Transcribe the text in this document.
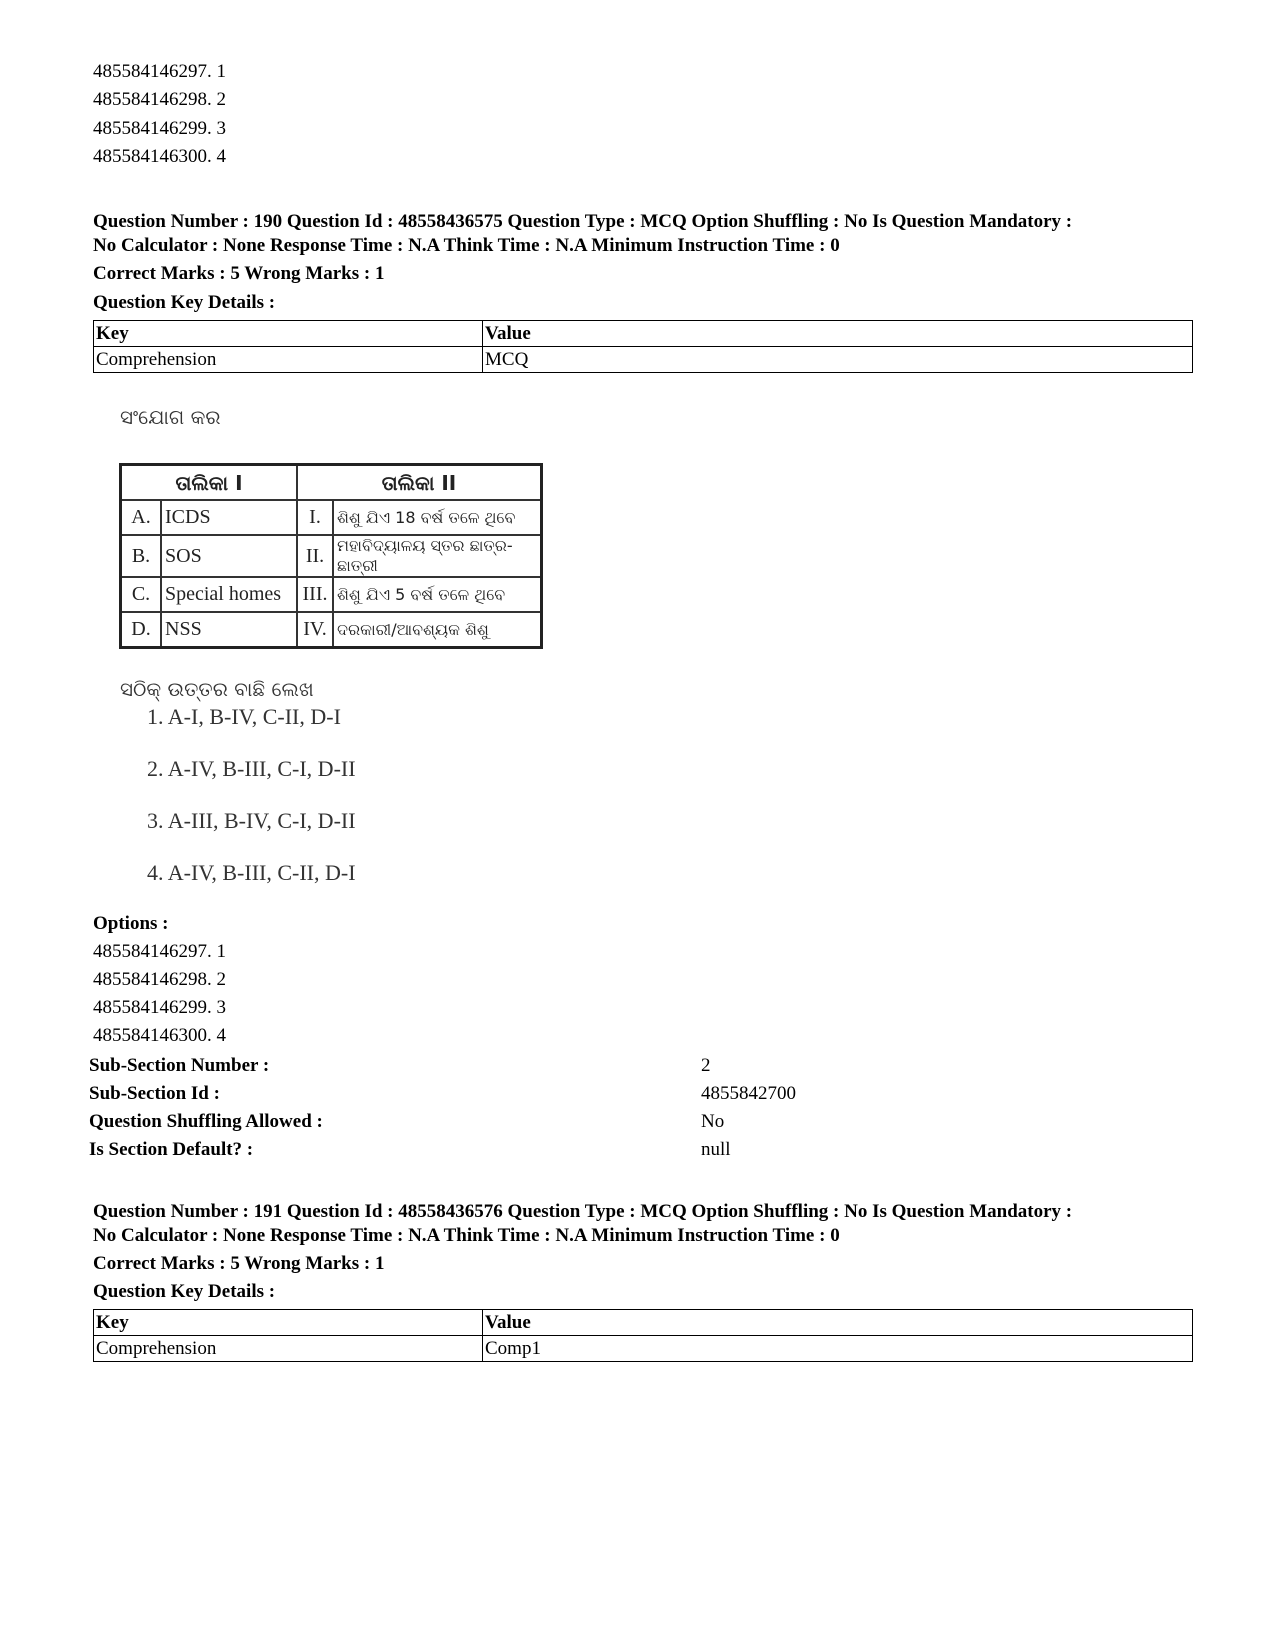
485584146297. 1
485584146298. 2
485584146299. 3
485584146300. 4
Question Number : 190 Question Id : 48558436575 Question Type : MCQ Option Shuffling : No Is Question Mandatory :
No Calculator : None Response Time : N.A Think Time : N.A Minimum Instruction Time : 0
Correct Marks : 5 Wrong Marks : 1
Question Key Details :
Key	Value
Comprehension	MCQ
ସଂଯୋଗ କର
ତାଲିକା I		ତାଲିକା II	
A.	ICDS	I.	ଶିଶୁ ଯିଏ 18 ବର୍ଷ ତଳେ ଥିବେ
B.	SOS	II.	ମହାବିଦ୍ୟାଳୟ ସ୍ତର ଛାତ୍ର-ଛାତ୍ରୀ
C.	Special homes	III.	ଶିଶୁ ଯିଏ 5 ବର୍ଷ ତଳେ ଥିବେ
D.	NSS	IV.	ଦରକାରୀ/ଆବଶ୍ୟକ ଶିଶୁ
ସଠିକ୍ ଉତ୍ତର ବାଛି ଲେଖ
1. A-I, B-IV, C-II, D-I
2. A-IV, B-III, C-I, D-II
3. A-III, B-IV, C-I, D-II
4. A-IV, B-III, C-II, D-I
Options :
485584146297. 1
485584146298. 2
485584146299. 3
485584146300. 4
Sub-Section Number :	2
Sub-Section Id :	4855842700
Question Shuffling Allowed :	No
Is Section Default? :	null
Question Number : 191 Question Id : 48558436576 Question Type : MCQ Option Shuffling : No Is Question Mandatory :
No Calculator : None Response Time : N.A Think Time : N.A Minimum Instruction Time : 0
Correct Marks : 5 Wrong Marks : 1
Question Key Details :
Key	Value
Comprehension	Comp1
